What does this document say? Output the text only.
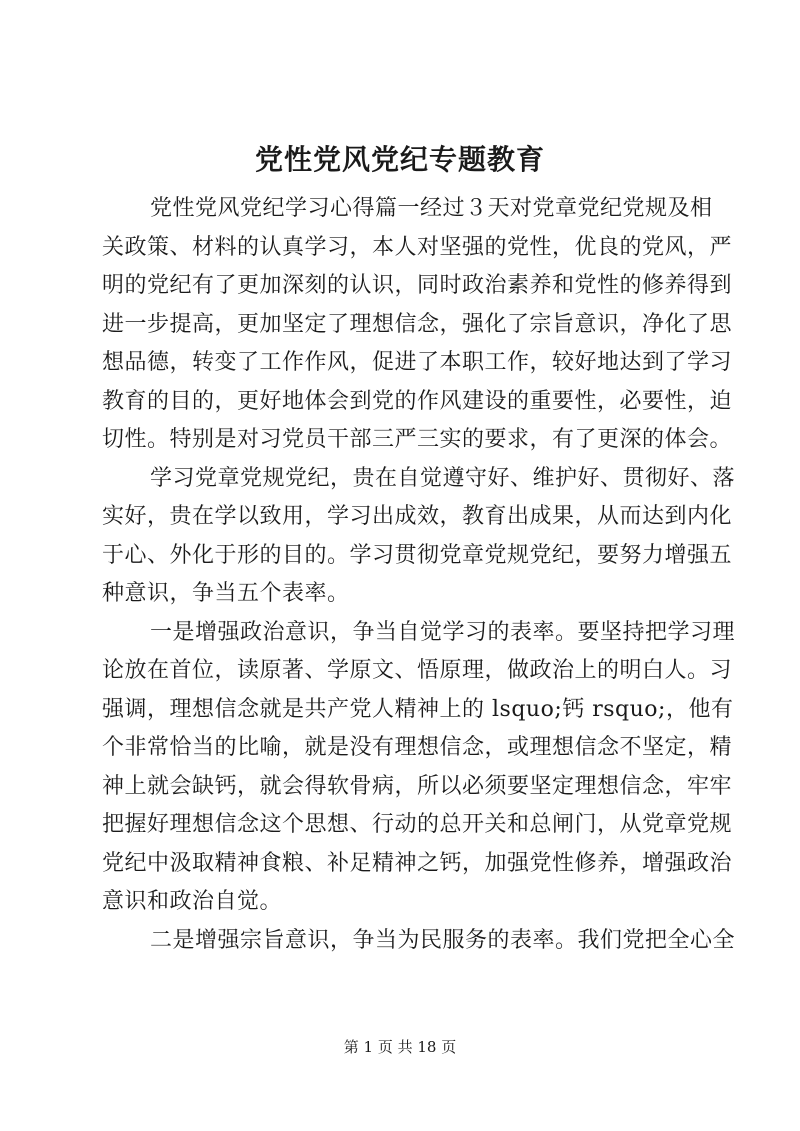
党性党风党纪专题教育
党性党风党纪学习心得篇一经过３天对党章党纪党规及相
关政策、材料的认真学习，本人对坚强的党性，优良的党风，严
明的党纪有了更加深刻的认识，同时政治素养和党性的修养得到
进一步提高，更加坚定了理想信念，强化了宗旨意识，净化了思
想品德，转变了工作作风，促进了本职工作，较好地达到了学习
教育的目的，更好地体会到党的作风建设的重要性，必要性，迫
切性。特别是对习党员干部三严三实的要求，有了更深的体会。
学习党章党规党纪，贵在自觉遵守好、维护好、贯彻好、落
实好，贵在学以致用，学习出成效，教育出成果，从而达到内化
于心、外化于形的目的。学习贯彻党章党规党纪，要努力增强五
种意识，争当五个表率。
一是增强政治意识，争当自觉学习的表率。要坚持把学习理
论放在首位，读原著、学原文、悟原理，做政治上的明白人。习
强调，理想信念就是共产党人精神上的 lsquo;钙 rsquo;，他有
个非常恰当的比喻，就是没有理想信念，或理想信念不坚定，精
神上就会缺钙，就会得软骨病，所以必须要坚定理想信念，牢牢
把握好理想信念这个思想、行动的总开关和总闸门，从党章党规
党纪中汲取精神食粮、补足精神之钙，加强党性修养，增强政治
意识和政治自觉。
二是增强宗旨意识，争当为民服务的表率。我们党把全心全
第 1 页 共 18 页
